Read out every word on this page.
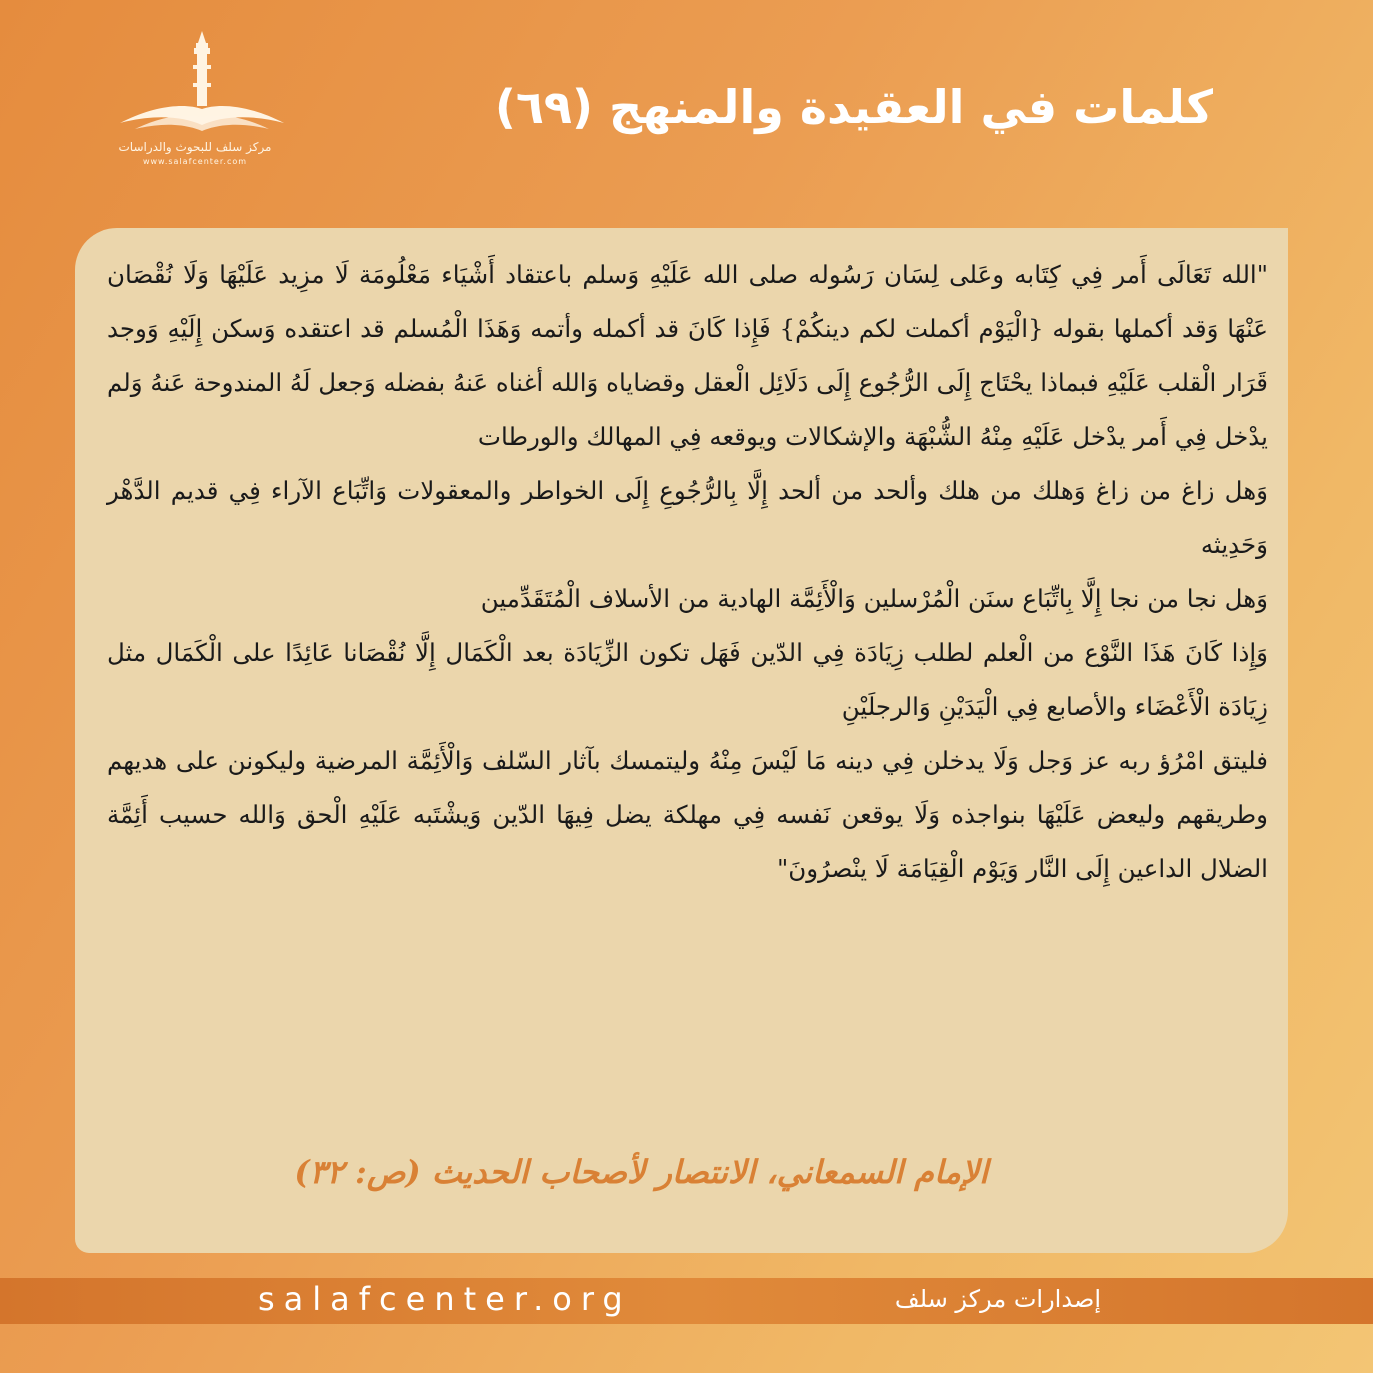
مركز سلف للبحوث والدراسات
www.salafcenter.com
كلمات في العقيدة والمنهج (٦٩)

"الله تَعَالَى أَمر فِي كِتَابه وعَلى لِسَان رَسُوله صلى الله عَلَيْهِ وَسلم باعتقاد أَشْيَاء مَعْلُومَة لَا مزِيد عَلَيْهَا وَلَا نُقْصَان عَنْهَا وَقد أكملها بقوله {الْيَوْم أكملت لكم دينكُمْ} فَإِذا كَانَ قد أكمله وأتمه وَهَذَا الْمُسلم قد اعتقده وَسكن إِلَيْهِ وَوجد قَرَار الْقلب عَلَيْهِ فبماذا يحْتَاج إِلَى الرُّجُوع إِلَى دَلَائِل الْعقل وقضاياه وَالله أغناه عَنهُ بفضله وَجعل لَهُ المندوحة عَنهُ وَلم يدْخل فِي أَمر يدْخل عَلَيْهِ مِنْهُ الشُّبْهَة والإشكالات ويوقعه فِي المهالك والورطات

وَهل زاغ من زاغ وَهلك من هلك وألحد من ألحد إِلَّا بِالرُّجُوعِ إِلَى الخواطر والمعقولات وَاتِّبَاع الآراء فِي قديم الدَّهْر وَحَدِيثه

وَهل نجا من نجا إِلَّا بِاتِّبَاع سنَن الْمُرْسلين وَالْأَئِمَّة الهادية من الأسلاف الْمُتَقَدِّمين

وَإِذا كَانَ هَذَا النَّوْع من الْعلم لطلب زِيَادَة فِي الدّين فَهَل تكون الزِّيَادَة بعد الْكَمَال إِلَّا نُقْصَانا عَائِدًا على الْكَمَال مثل زِيَادَة الْأَعْضَاء والأصابع فِي الْيَدَيْنِ وَالرجلَيْنِ

فليتق امْرُؤ ربه عز وَجل وَلَا يدخلن فِي دينه مَا لَيْسَ مِنْهُ وليتمسك بآثار السّلف وَالْأَئِمَّة المرضية وليكونن على هديهم وطريقهم وليعض عَلَيْهَا بنواجذه وَلَا يوقعن نَفسه فِي مهلكة يضل فِيهَا الدّين وَيشْتَبه عَلَيْهِ الْحق وَالله حسيب أَئِمَّة الضلال الداعين إِلَى النَّار وَيَوْم الْقِيَامَة لَا ينْصرُونَ"

الإمام السمعاني، الانتصار لأصحاب الحديث (ص: ٣٢)
salafcenter.org	إصدارات مركز سلف
